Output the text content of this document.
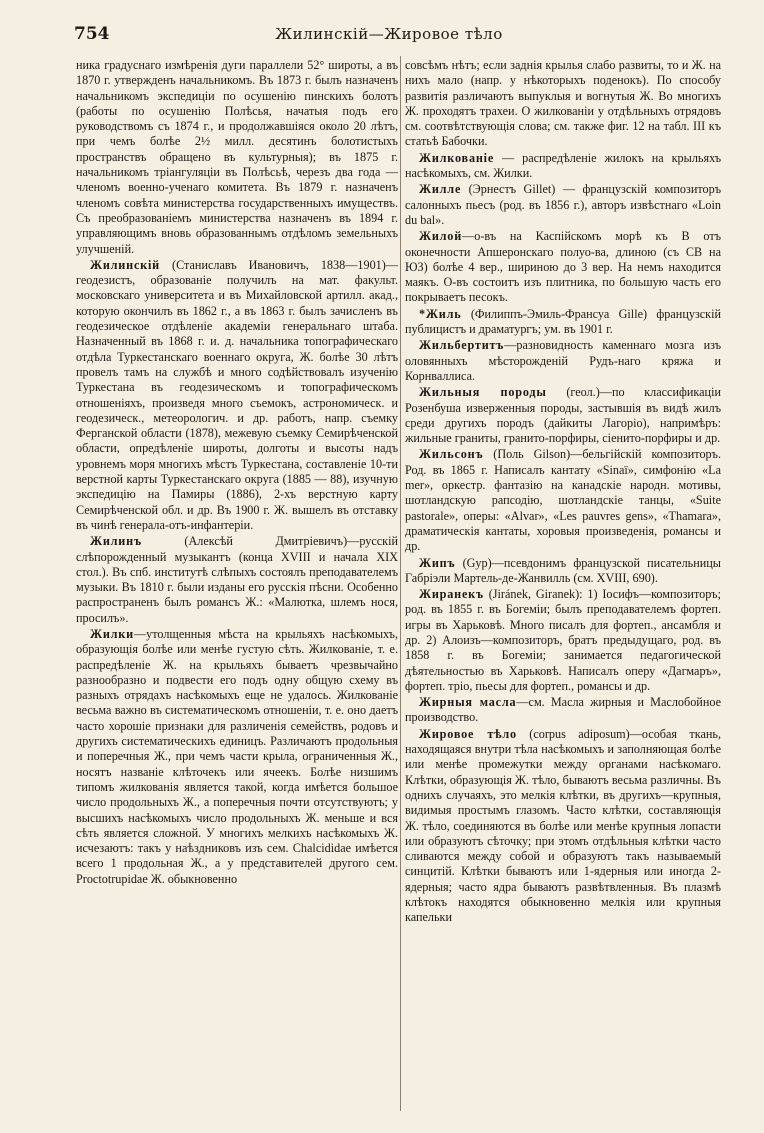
754	Жилинскiй—Жировое тѣло

ника градуснаго измѣренiя дуги параллели 52° широты, а въ 1870 г. утвержденъ начальникомъ. Въ 1873 г. былъ назначенъ начальникомъ экспедицiи по осушенiю пинскихъ болотъ (работы по осушенiю Полѣсья, начатыя подъ его руководствомъ съ 1874 г., и продолжавшiяся около 20 лѣтъ, при чемъ болѣе 2½ милл. десятинъ болотистыхъ пространствъ обращено въ культурныя); въ 1875 г. начальникомъ трiангуляцiи въ Полѣсьѣ, черезъ два года — членомъ военно-ученаго комитета. Въ 1879 г. назначенъ членомъ совѣта министерства государственныхъ имуществъ. Съ преобразованiемъ министерства назначенъ въ 1894 г. управляющимъ вновь образованнымъ отдѣломъ земельныхъ улучшенiй.

Жилинскiй (Станиславъ Ивановичъ, 1838—1901)—геодезистъ, образованiе получилъ на мат. факульт. московскаго университета и въ Михайловской артилл. акад., которую окончилъ въ 1862 г., а въ 1863 г. былъ зачисленъ въ геодезическое отдѣленiе академiи генеральнаго штаба. Назначенный въ 1868 г. и. д. начальника топографическаго отдѣла Туркестанскаго военнаго округа, Ж. болѣе 30 лѣтъ провелъ тамъ на службѣ и много содѣйствовалъ изученiю Туркестана въ геодезическомъ и топографическомъ отношенiяхъ, произведя много съемокъ, астрономическ. и геодезическ., метеорологич. и др. работъ, напр. съемку Ферганской области (1878), межевую съемку Семирѣченской области, опредѣленiе широты, долготы и высоты надъ уровнемъ моря многихъ мѣстъ Туркестана, составленiе 10-ти верстной карты Туркестанскаго округа (1885 — 88), изучную экспедицiю на Памиры (1886), 2-хъ верстную карту Семирѣченской обл. и др. Въ 1900 г. Ж. вышелъ въ отставку въ чинѣ генерала-отъ-инфантерiи.

Жилинъ (Алексѣй Дмитрiевичъ)—русскiй слѣпорожденный музыкантъ (конца XVIII и начала XIX стол.). Въ спб. институтѣ слѣпыхъ состоялъ преподавателемъ музыки. Въ 1810 г. были изданы его русскiя пѣсни. Особенно распространенъ былъ романсъ Ж.: «Малютка, шлемъ нося, просилъ».

Жилки—утолщенныя мѣста на крыльяхъ насѣкомыхъ, образующiя болѣе или менѣе густую сѣть. Жилкованiе, т. е. распредѣленiе Ж. на крыльяхъ бываетъ чрезвычайно разнообразно и подвести его подъ одну общую схему въ разныхъ отрядахъ насѣкомыхъ еще не удалось. Жилкованiе весьма важно въ систематическомъ отношенiи, т. е. оно даетъ часто хорошiе признаки для различенiя семействъ, родовъ и другихъ систематическихъ единицъ. Различаютъ продольныя и поперечныя Ж., при чемъ части крыла, ограниченныя Ж., носятъ названiе клѣточекъ или ячеекъ. Болѣе низшимъ типомъ жилкованiя является такой, когда имѣется большое число продольныхъ Ж., а поперечныя почти отсутствуютъ; у высшихъ насѣкомыхъ число продольныхъ Ж. меньше и вся сѣть является сложной. У многихъ мелкихъ насѣкомыхъ Ж. исчезаютъ: такъ у наѣздниковъ изъ сем. Chalcididae имѣется всего 1 продольная Ж., а у представителей другого сем. Proctotrupidae Ж. обыкновенно

совсѣмъ нѣтъ; если заднiя крылья слабо развиты, то и Ж. на нихъ мало (напр. у нѣкоторыхъ поденокъ). По способу развитiя различаютъ выпуклыя и вогнутыя Ж. Во многихъ Ж. проходятъ трахеи. О жилкованiи у отдѣльныхъ отрядовъ см. соотвѣтствующiя слова; см. также фиг. 12 на табл. III къ статьѣ Бабочки.

Жилкованiе — распредѣленiе жилокъ на крыльяхъ насѣкомыхъ, см. Жилки.

Жилле (Эрнестъ Gillet) — французскiй композиторъ салонныхъ пьесъ (род. въ 1856 г.), авторъ извѣстнаго «Loin du bal».

Жилой—о-въ на Каспiйскомъ морѣ къ В отъ оконечности Апшеронскаго полуо-ва, длиною (съ СВ на ЮЗ) болѣе 4 вер., шириною до 3 вер. На немъ находится маякъ. О-въ состоитъ изъ плитника, по большую часть его покрываетъ песокъ.

*Жиль (Филиппъ-Эмиль-Франсуа Gille) французскiй публицистъ и драматургъ; ум. въ 1901 г.

Жильбертитъ—разновидность каменнаго мозга изъ оловянныхъ мѣсторожденiй Рудъ-наго кряжа и Корнваллиса.

Жильныя породы (геол.)—по классификацiи Розенбуша изверженныя породы, застывшiя въ видѣ жилъ среди другихъ породъ (дайкиты Лагорiо), напримѣръ: жильные граниты, гранито-порфиры, сiенито-порфиры и др.

Жильсонъ (Поль Gilson)—бельгiйскiй композиторъ. Род. въ 1865 г. Написалъ кантату «Sinaï», симфонiю «La mer», оркестр. фантазiю на канадскiе народн. мотивы, шотландскую рапсодiю, шотландскiе танцы, «Suite pastorale», оперы: «Alvar», «Les pauvres gens», «Thamara», драматическiя кантаты, хоровыя произведенiя, романсы и др.

Жипъ (Gyp)—псевдонимъ французской писательницы Габрiэли Мартель-де-Жанвилль (см. XVIII, 690).

Жиранекъ (Jiránek, Giranek): 1) Iосифъ—композиторъ; род. въ 1855 г. въ Богемiи; былъ преподавателемъ фортеп. игры въ Харьковѣ. Много писалъ для фортеп., ансамбля и др. 2) Алоизъ—композиторъ, братъ предыдущаго, род. въ 1858 г. въ Богемiи; занимается педагогической дѣятельностью въ Харьковѣ. Написалъ оперу «Дагмаръ», фортеп. трiо, пьесы для фортеп., романсы и др.

Жирныя масла—см. Масла жирныя и Маслобойное производство.

Жировое тѣло (corpus adiposum)—особая ткань, находящаяся внутри тѣла насѣкомыхъ и заполняющая болѣе или менѣе промежутки между органами насѣкомаго. Клѣтки, образующiя Ж. тѣло, бываютъ весьма различны. Въ однихъ случаяхъ, это мелкiя клѣтки, въ другихъ—крупныя, видимыя простымъ глазомъ. Часто клѣтки, составляющiя Ж. тѣло, соединяются въ болѣе или менѣе крупныя лопасти или образуютъ сѣточку; при этомъ отдѣльныя клѣтки часто сливаются между собой и образуютъ такъ называемый синцитiй. Клѣтки бываютъ или 1-ядерныя или иногда 2-ядерныя; часто ядра бываютъ развѣтвленныя. Въ плазмѣ клѣтокъ находятся обыкновенно мелкiя или крупныя капельки
